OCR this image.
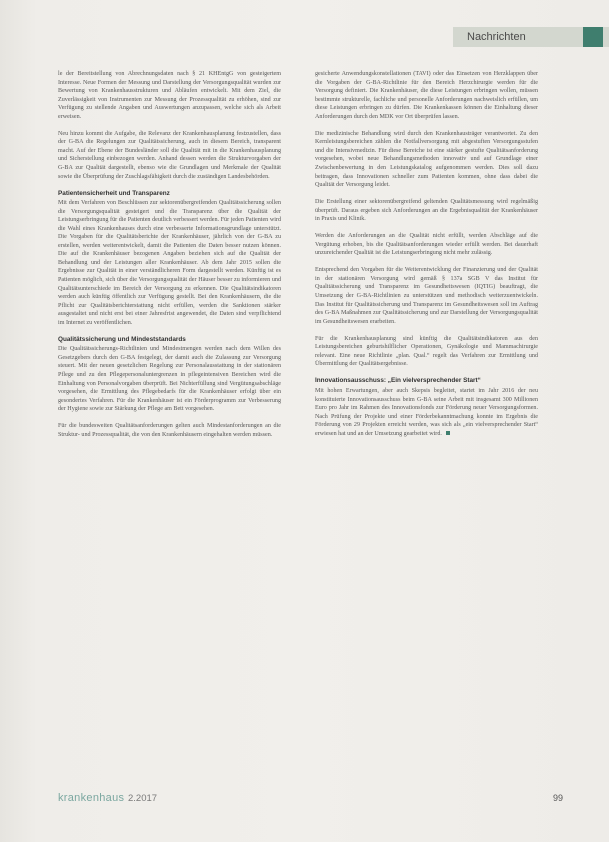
Nachrichten

le der Bereitstellung von Abrechnungsdaten nach § 21 KHEntgG von gesteigertem Interesse. Neue Formen der Messung und Darstellung der Versorgungsqualität wurden zur Bewertung von Krankenhausstrukturen und Abläufen entwickelt. Mit dem Ziel, die Zuverlässigkeit von Instrumenten zur Messung der Prozessqualität zu erhöhen, sind zur Verfügung zu stellende Angaben und Auswertungen anzupassen, welche sich als Arbeit erweisen.

Neu hinzu kommt die Aufgabe, die Relevanz der Krankenhausplanung festzustellen, dass der G-BA die Regelungen zur Qualitätssicherung, auch in diesem Bereich, transparent macht. Auf der Ebene der Bundesländer soll die Qualität mit in die Krankenhausplanung und Sicherstellung einbezogen werden. Anhand dessen werden die Strukturvorgaben der G-BA zur Qualität dargestellt, ebenso wie die Grundlagen und Merkmale der Qualität sowie die Überprüfung der Zuschlagsfähigkeit durch die zuständigen Landesbehörden.

Patientensicherheit und Transparenz

Mit dem Verfahren von Beschlüssen zur sektorenübergreifenden Qualitätssicherung sollen die Versorgungsqualität gesteigert und die Transparenz über die Qualität der Leistungserbringung für die Patienten deutlich verbessert werden. Für jeden Patienten wird die Wahl eines Krankenhauses durch eine verbesserte Informationsgrundlage unterstützt. Die Vorgaben für die Qualitätsberichte der Krankenhäuser, jährlich von der G-BA zu erstellen, werden weiterentwickelt, damit die Patienten die Daten besser nutzen können. Die auf die Krankenhäuser bezogenen Angaben beziehen sich auf die Qualität der Behandlung und der Leistungen aller Krankenhäuser. Ab dem Jahr 2015 sollen die Ergebnisse zur Qualität in einer verständlicheren Form dargestellt werden. Künftig ist es Patienten möglich, sich über die Versorgungsqualität der Häuser besser zu informieren und Qualitätsunterschiede im Bereich der Versorgung zu erkennen. Die Qualitätsindikatoren werden auch künftig öffentlich zur Verfügung gestellt. Bei den Krankenhäusern, die die Pflicht zur Qualitätsberichterstattung nicht erfüllen, werden die Sanktionen stärker ausgestaltet und nicht erst bei einer Jahresfrist angewendet, die Daten sind verpflichtend im Internet zu veröffentlichen.

Qualitätssicherung und Mindeststandards

Die Qualitätssicherungs-Richtlinien und Mindestmengen werden nach dem Willen des Gesetzgebers durch den G-BA festgelegt, der damit auch die Zulassung zur Versorgung steuert. Mit der neuen gesetzlichen Regelung zur Personalausstattung in der stationären Pflege und zu den Pflegepersonaluntergrenzen in pflegeintensiven Bereichen wird die Einhaltung von Personalvorgaben überprüft. Bei Nichterfüllung sind Vergütungsabschläge vorgesehen, die Ermittlung des Pflegebedarfs für die Krankenhäuser erfolgt über ein gesondertes Verfahren. Für die Krankenhäuser ist ein Förderprogramm zur Verbesserung der Hygiene sowie zur Stärkung der Pflege am Bett vorgesehen.

Für die bundesweiten Qualitätsanforderungen gelten auch Mindestanforderungen an die Struktur- und Prozessqualität, die von den Krankenhäusern eingehalten werden müssen.

gesicherte Anwendungskonstellationen (TAVI) oder das Einsetzen von Herzklappen über die Vorgaben der G-BA-Richtlinie für den Bereich Herzchirurgie werden für die Versorgung definiert. Die Krankenhäuser, die diese Leistungen erbringen wollen, müssen bestimmte strukturelle, fachliche und personelle Anforderungen nachweislich erfüllen, um diese Leistungen erbringen zu dürfen. Die Krankenkassen können die Einhaltung dieser Anforderungen durch den MDK vor Ort überprüfen lassen.

Die medizinische Behandlung wird durch den Krankenhausträger verantwortet. Zu den Kernleistungsbereichen zählen die Notfallversorgung mit abgestuften Versorgungsstufen und die Intensivmedizin. Für diese Bereiche ist eine stärker gestufte Qualitätsanforderung vorgesehen, wobei neue Behandlungsmethoden innovativ und auf Grundlage einer Zwischenbewertung in den Leistungskatalog aufgenommen werden. Dies soll dazu beitragen, dass Innovationen schneller zum Patienten kommen, ohne dass dabei die Qualität der Versorgung leidet.

Die Erstellung einer sektorenübergreifend geltenden Qualitätsmessung wird regelmäßig überprüft. Daraus ergeben sich Anforderungen an die Ergebnisqualität der Krankenhäuser in Praxis und Klinik.

Werden die Anforderungen an die Qualität nicht erfüllt, werden Abschläge auf die Vergütung erhoben, bis die Qualitätsanforderungen wieder erfüllt werden. Bei dauerhaft unzureichender Qualität ist die Leistungserbringung nicht mehr zulässig.

Entsprechend den Vorgaben für die Weiterentwicklung der Finanzierung und der Qualität in der stationären Versorgung wird gemäß § 137a SGB V das Institut für Qualitätssicherung und Transparenz im Gesundheitswesen (IQTIG) beauftragt, die Umsetzung der G-BA-Richtlinien zu unterstützen und methodisch weiterzuentwickeln. Das Institut für Qualitätssicherung und Transparenz im Gesundheitswesen soll im Auftrag des G-BA Maßnahmen zur Qualitätssicherung und zur Darstellung der Versorgungsqualität im Gesundheitswesen erarbeiten.

Für die Krankenhausplanung sind künftig die Qualitätsindikatoren aus den Leistungsbereichen geburtshilflicher Operationen, Gynäkologie und Mammachirurgie relevant. Eine neue Richtlinie „plan. Qual.“ regelt das Verfahren zur Ermittlung und Übermittlung der Qualitätsergebnisse.

Innovationsausschuss: „Ein vielversprechender Start“

Mit hohen Erwartungen, aber auch Skepsis begleitet, startet im Jahr 2016 der neu konstituierte Innovationsausschuss beim G-BA seine Arbeit mit insgesamt 300 Millionen Euro pro Jahr im Rahmen des Innovationsfonds zur Förderung neuer Versorgungsformen. Nach Prüfung der Projekte und einer Förderbekanntmachung konnte im Ergebnis die Förderung von 29 Projekten erreicht werden, was sich als „ein vielversprechender Start“ erwiesen hat und an der Umsetzung gearbeitet wird.

krankenhaus 2.2017	99
